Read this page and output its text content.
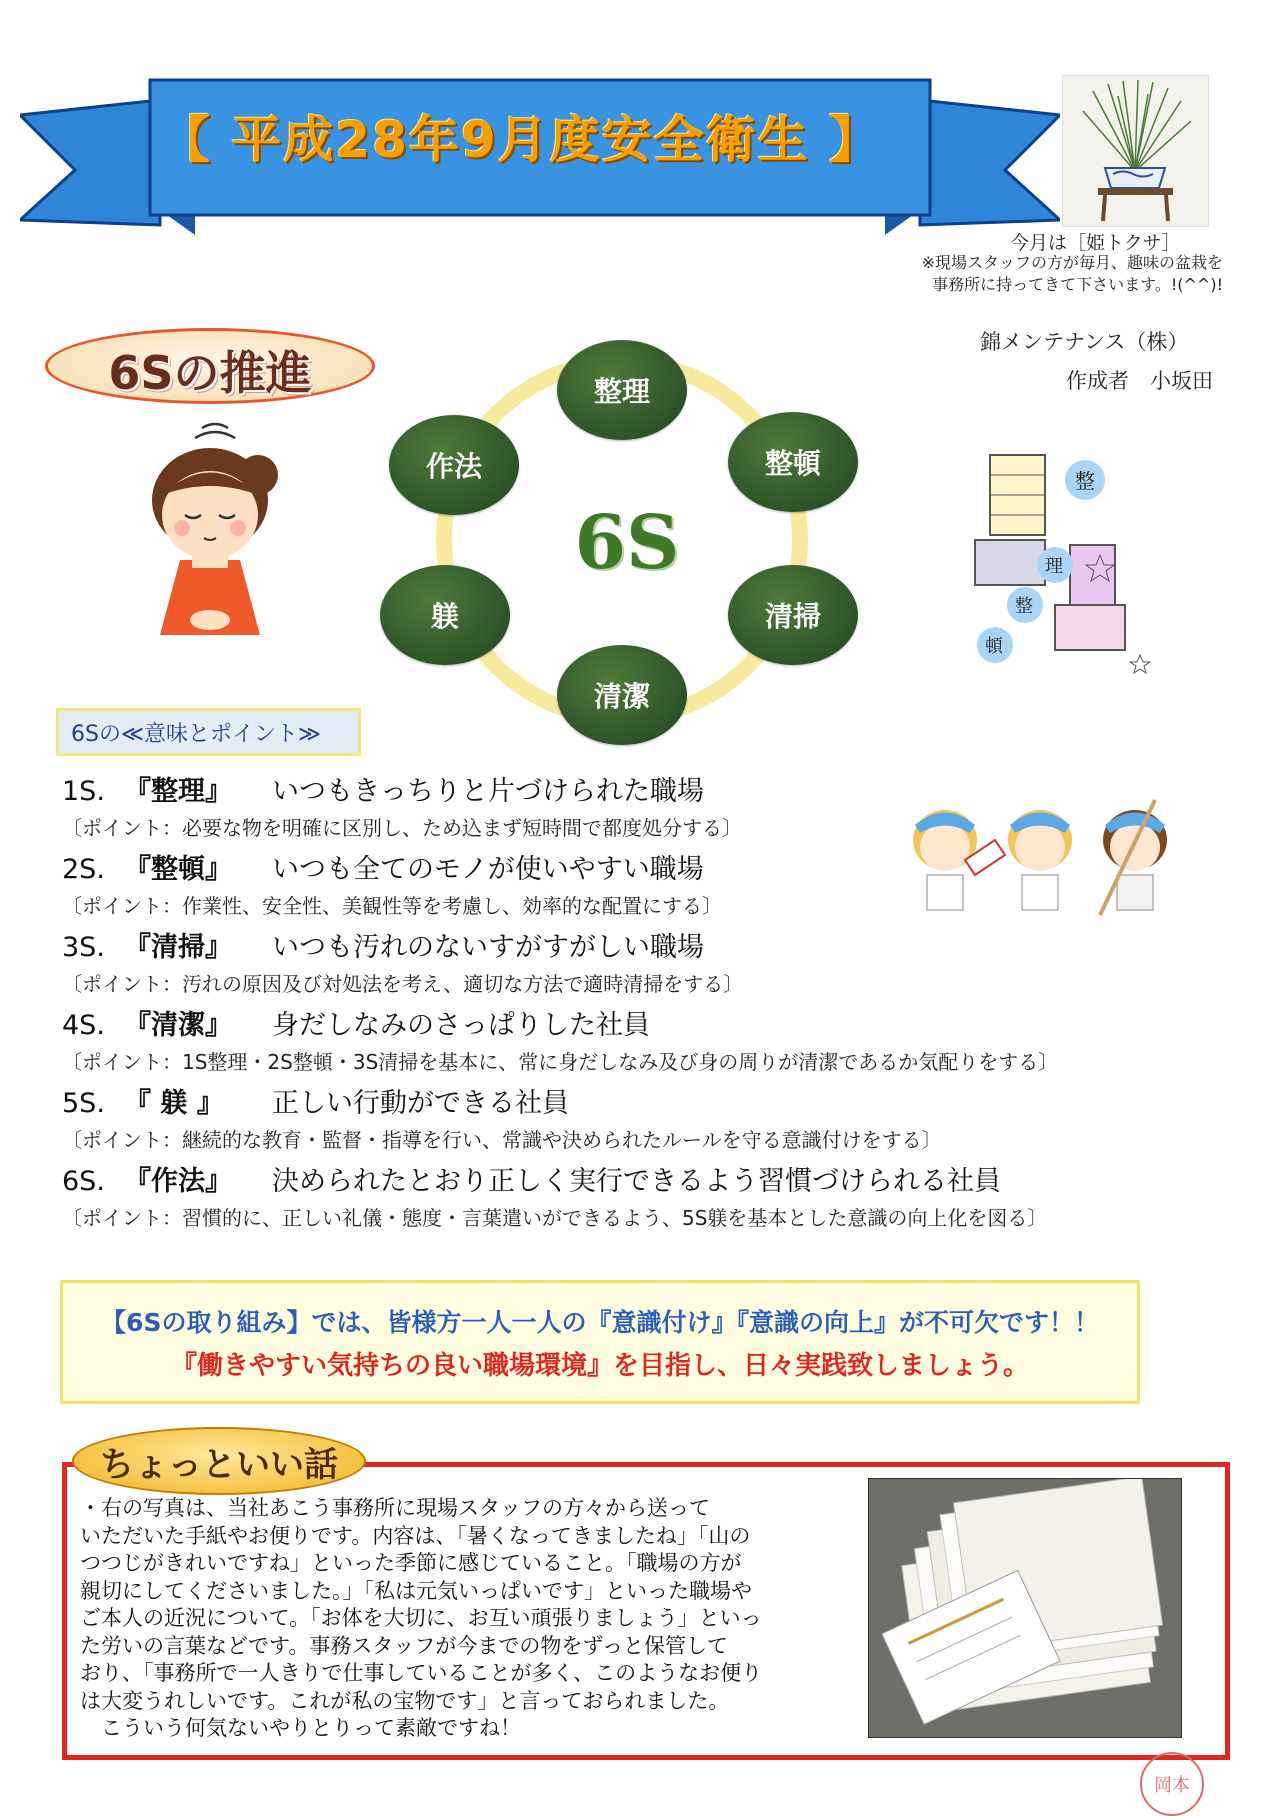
【 平成28年9月度安全衛生 】
今月は［姫トクサ］
※現場スタッフの方が毎月、趣味の盆栽を
事務所に持ってきて下さいます。!(^^)!
錦メンテナンス（株）
作成者　小坂田
6Sの推進
6S
整理
整頓
清掃
清潔
躾
作法	整
理
整
頓
6Sの≪意味とポイント≫
1S. 『整理』 いつもきっちりと片づけられた職場
〔ポイント：必要な物を明確に区別し、ため込まず短時間で都度処分する〕
2S. 『整頓』 いつも全てのモノが使いやすい職場
〔ポイント：作業性、安全性、美観性等を考慮し、効率的な配置にする〕
3S. 『清掃』 いつも汚れのないすがすがしい職場
〔ポイント：汚れの原因及び対処法を考え、適切な方法で適時清掃をする〕
4S. 『清潔』 身だしなみのさっぱりした社員
〔ポイント：1S整理・2S整頓・3S清掃を基本に、常に身だしなみ及び身の周りが清潔であるか気配りをする〕
5S. 『 躾 』 正しい行動ができる社員
〔ポイント：継続的な教育・監督・指導を行い、常識や決められたルールを守る意識付けをする〕
6S. 『作法』 決められたとおり正しく実行できるよう習慣づけられる社員
〔ポイント：習慣的に、正しい礼儀・態度・言葉遣いができるよう、5S躾を基本とした意識の向上化を図る〕
【6Sの取り組み】では、皆様方一人一人の『意識付け』『意識の向上』が不可欠です！！
『働きやすい気持ちの良い職場環境』を目指し、日々実践致しましょう。
ちょっといい話
・右の写真は、当社あこう事務所に現場スタッフの方々から送って
いただいた手紙やお便りです。内容は、「暑くなってきましたね」「山の
つつじがきれいですね」といった季節に感じていること。「職場の方が
親切にしてくださいました。」「私は元気いっぱいです」といった職場や
ご本人の近況について。「お体を大切に、お互い頑張りましょう」といっ
た労いの言葉などです。事務スタッフが今までの物をずっと保管して
おり、「事務所で一人きりで仕事していることが多く、このようなお便り
は大変うれしいです。これが私の宝物です」と言っておられました。
　こういう何気ないやりとりって素敵ですね！
岡本
